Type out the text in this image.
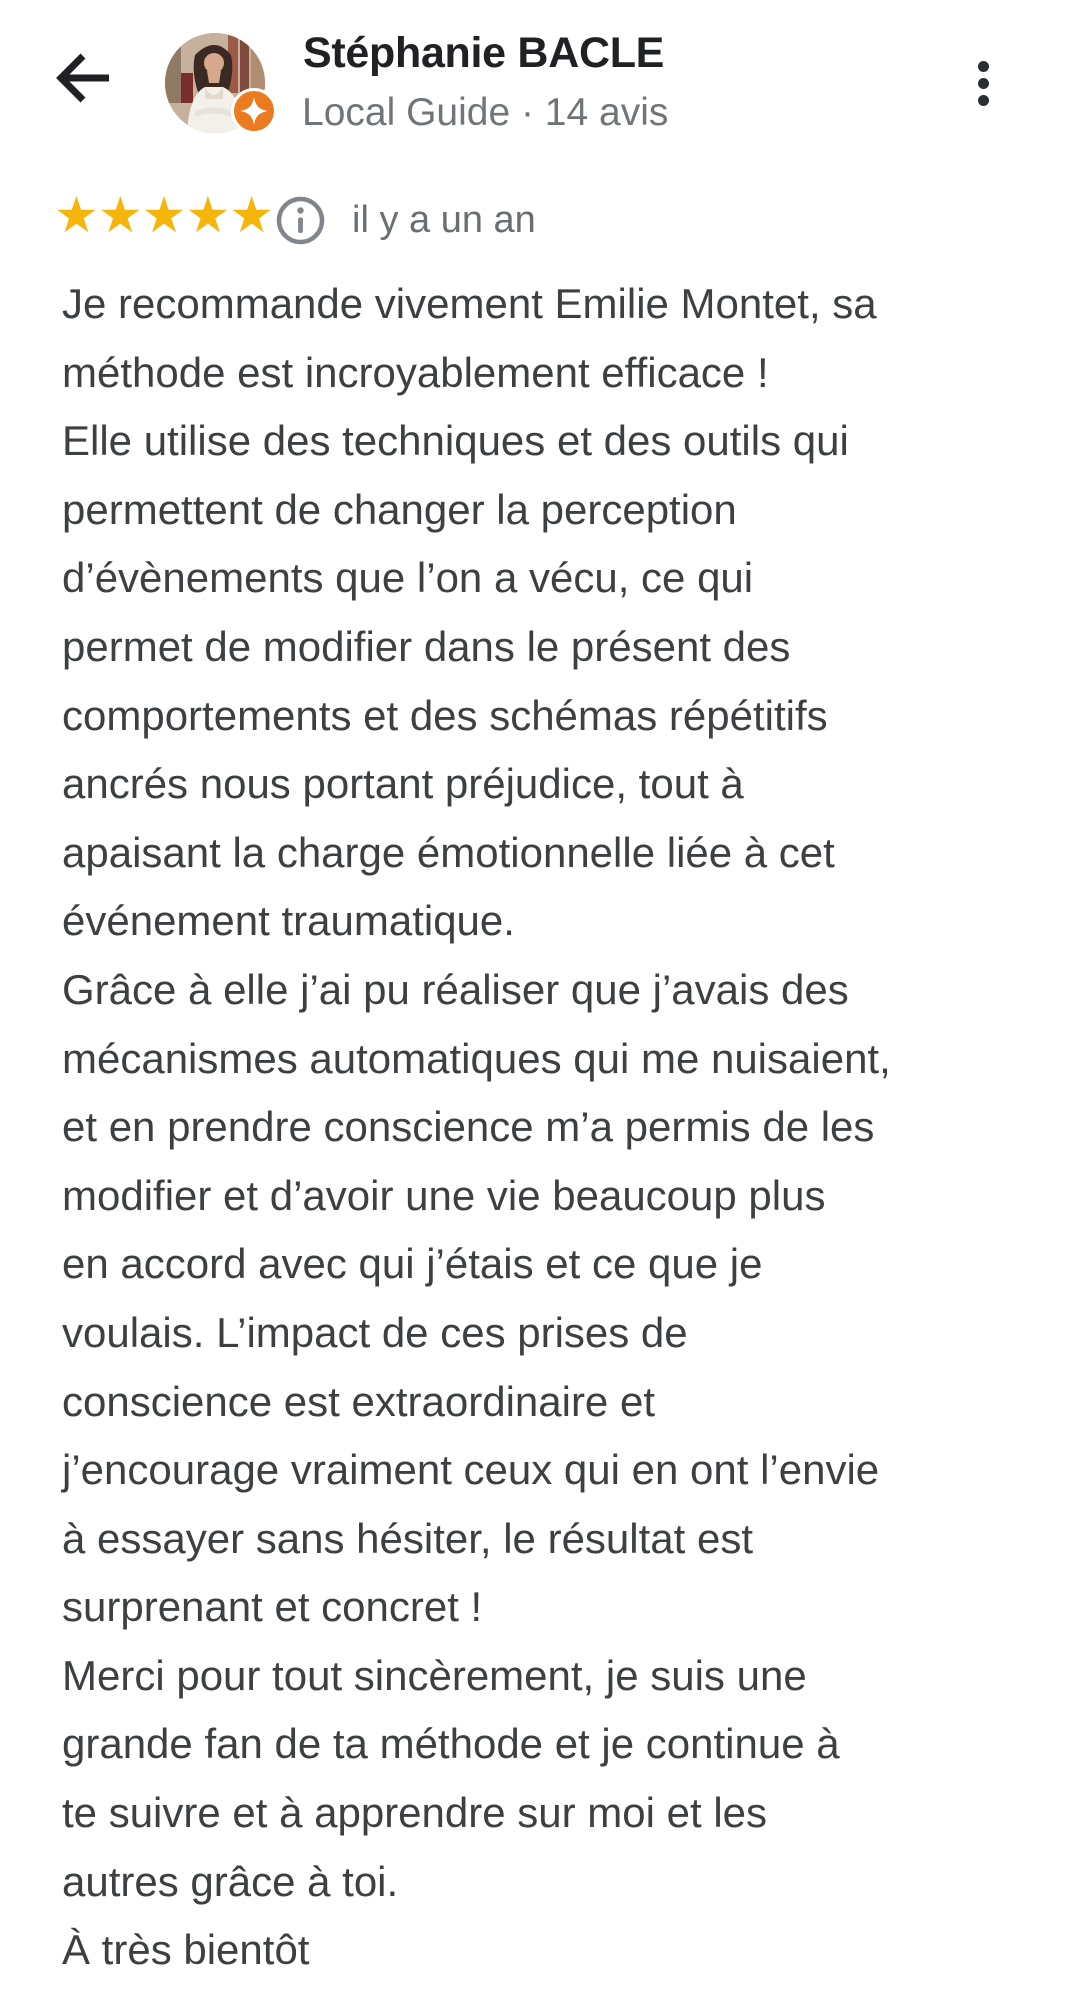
Stéphanie BACLE
Local Guide · 14 avis
★★★★★ il y a un an
Je recommande vivement Emilie Montet, sa
méthode est incroyablement efficace !
Elle utilise des techniques et des outils qui
permettent de changer la perception
d’évènements que l’on a vécu, ce qui
permet de modifier dans le présent des
comportements et des schémas répétitifs
ancrés nous portant préjudice, tout à
apaisant la charge émotionnelle liée à cet
événement traumatique.
Grâce à elle j’ai pu réaliser que j’avais des
mécanismes automatiques qui me nuisaient,
et en prendre conscience m’a permis de les
modifier et d’avoir une vie beaucoup plus
en accord avec qui j’étais et ce que je
voulais. L’impact de ces prises de
conscience est extraordinaire et
j’encourage vraiment ceux qui en ont l’envie
à essayer sans hésiter, le résultat est
surprenant et concret !
Merci pour tout sincèrement, je suis une
grande fan de ta méthode et je continue à
te suivre et à apprendre sur moi et les
autres grâce à toi.
À très bientôt
